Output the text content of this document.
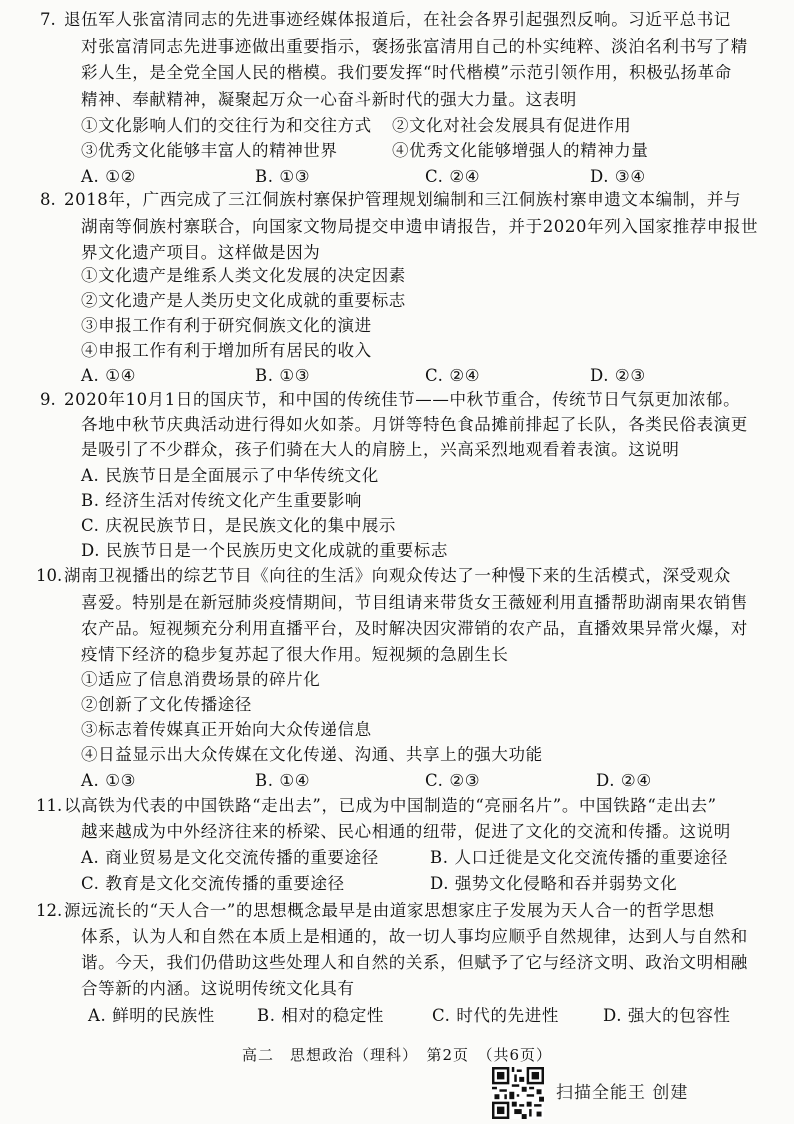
7. 退伍军人张富清同志的先进事迹经媒体报道后，在社会各界引起强烈反响。习近平总书记
对张富清同志先进事迹做出重要指示，褒扬张富清用自己的朴实纯粹、淡泊名利书写了精
彩人生，是全党全国人民的楷模。我们要发挥“时代楷模”示范引领作用，积极弘扬革命
精神、奉献精神，凝聚起万众一心奋斗新时代的强大力量。这表明
①文化影响人们的交往行为和交往方式 ②文化对社会发展具有促进作用
③优秀文化能够丰富人的精神世界	④优秀文化能够增强人的精神力量
A. ①②	B. ①③	C. ②④	D. ③④
8. 2018年，广西完成了三江侗族村寨保护管理规划编制和三江侗族村寨申遗文本编制，并与
湖南等侗族村寨联合，向国家文物局提交申遗申请报告，并于2020年列入国家推荐申报世
界文化遗产项目。这样做是因为
①文化遗产是维系人类文化发展的决定因素
②文化遗产是人类历史文化成就的重要标志
③申报工作有利于研究侗族文化的演进
④申报工作有利于增加所有居民的收入
A. ①④	B. ①③	C. ②④	D. ②③
9. 2020年10月1日的国庆节，和中国的传统佳节——中秋节重合，传统节日气氛更加浓郁。
各地中秋节庆典活动进行得如火如荼。月饼等特色食品摊前排起了长队，各类民俗表演更
是吸引了不少群众，孩子们骑在大人的肩膀上，兴高采烈地观看着表演。这说明
A. 民族节日是全面展示了中华传统文化
B. 经济生活对传统文化产生重要影响
C. 庆祝民族节日，是民族文化的集中展示
D. 民族节日是一个民族历史文化成就的重要标志
10. 湖南卫视播出的综艺节目《向往的生活》向观众传达了一种慢下来的生活模式，深受观众
喜爱。特别是在新冠肺炎疫情期间，节目组请来带货女王薇娅利用直播帮助湖南果农销售
农产品。短视频充分利用直播平台，及时解决因灾滞销的农产品，直播效果异常火爆，对
疫情下经济的稳步复苏起了很大作用。短视频的急剧生长
①适应了信息消费场景的碎片化
②创新了文化传播途径
③标志着传媒真正开始向大众传递信息
④日益显示出大众传媒在文化传递、沟通、共享上的强大功能
A. ①③	B. ①④	C. ②③	D. ②④
11. 以高铁为代表的中国铁路“走出去”，已成为中国制造的“亮丽名片”。中国铁路“走出去”
越来越成为中外经济往来的桥梁、民心相通的纽带，促进了文化的交流和传播。这说明
A. 商业贸易是文化交流传播的重要途径	B. 人口迁徙是文化交流传播的重要途径
C. 教育是文化交流传播的重要途径	D. 强势文化侵略和吞并弱势文化
12. 源远流长的“天人合一”的思想概念最早是由道家思想家庄子发展为天人合一的哲学思想
体系，认为人和自然在本质上是相通的，故一切人事均应顺乎自然规律，达到人与自然和
谐。今天，我们仍借助这些处理人和自然的关系，但赋予了它与经济文明、政治文明相融
合等新的内涵。这说明传统文化具有
A. 鲜明的民族性	B. 相对的稳定性	C. 时代的先进性	D. 强大的包容性
高二　思想政治（理科）　第2页　（共6页）
扫描全能王 创建
